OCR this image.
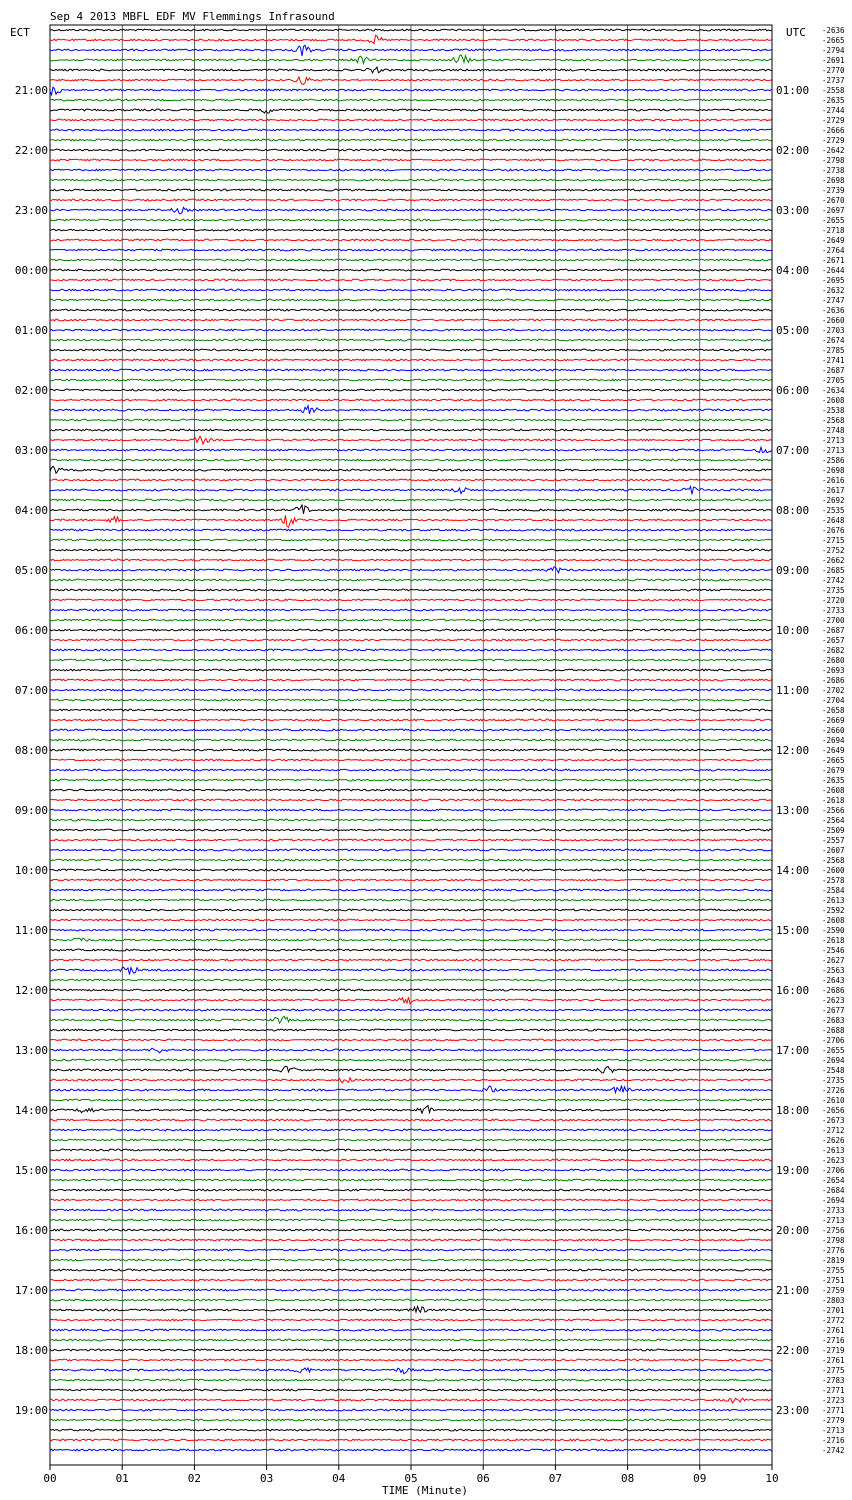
Sep 4 2013 MBFL EDF MV Flemmings Infrasound
ECT	UTC
21:00
22:00
23:00
00:00
01:00
02:00
03:00
04:00
05:00
06:00
07:00
08:00
09:00
10:00
11:00
12:00
13:00
14:00
15:00
16:00
17:00
18:00
19:00
01:00
02:00
03:00
04:00
05:00
06:00
07:00
08:00
09:00
10:00
11:00
12:00
13:00
14:00
15:00
16:00
17:00
18:00
19:00
20:00
21:00
22:00
23:00
-2636
-2665
-2794
-2691
-2770
-2737
-2558
-2635
-2744
-2729
-2666
-2729
-2642
-2798
-2738
-2698
-2739
-2670
-2697
-2655
-2718
-2649
-2764
-2671
-2644
-2695
-2632
-2747
-2636
-2660
-2703
-2674
-2785
-2741
-2687
-2705
-2634
-2608
-2538
-2568
-2748
-2713
-2713
-2586
-2698
-2616
-2617
-2692
-2535
-2648
-2676
-2715
-2752
-2662
-2685
-2742
-2735
-2720
-2733
-2700
-2687
-2657
-2682
-2680
-2693
-2686
-2702
-2704
-2658
-2669
-2660
-2694
-2649
-2665
-2679
-2635
-2608
-2618
-2566
-2564
-2509
-2557
-2607
-2568
-2600
-2578
-2584
-2613
-2592
-2608
-2590
-2618
-2546
-2627
-2563
-2643
-2686
-2623
-2677
-2683
-2688
-2706
-2655
-2694
-2548
-2735
-2726
-2610
-2656
-2673
-2712
-2626
-2613
-2623
-2706
-2654
-2684
-2694
-2733
-2713
-2756
-2798
-2776
-2819
-2755
-2751
-2759
-2803
-2701
-2772
-2761
-2716
-2719
-2761
-2775
-2783
-2771
-2723
-2771
-2779
-2713
-2716
-2742
00	01	02	03	04	05	06	07	08	09	10
TIME (Minute)
